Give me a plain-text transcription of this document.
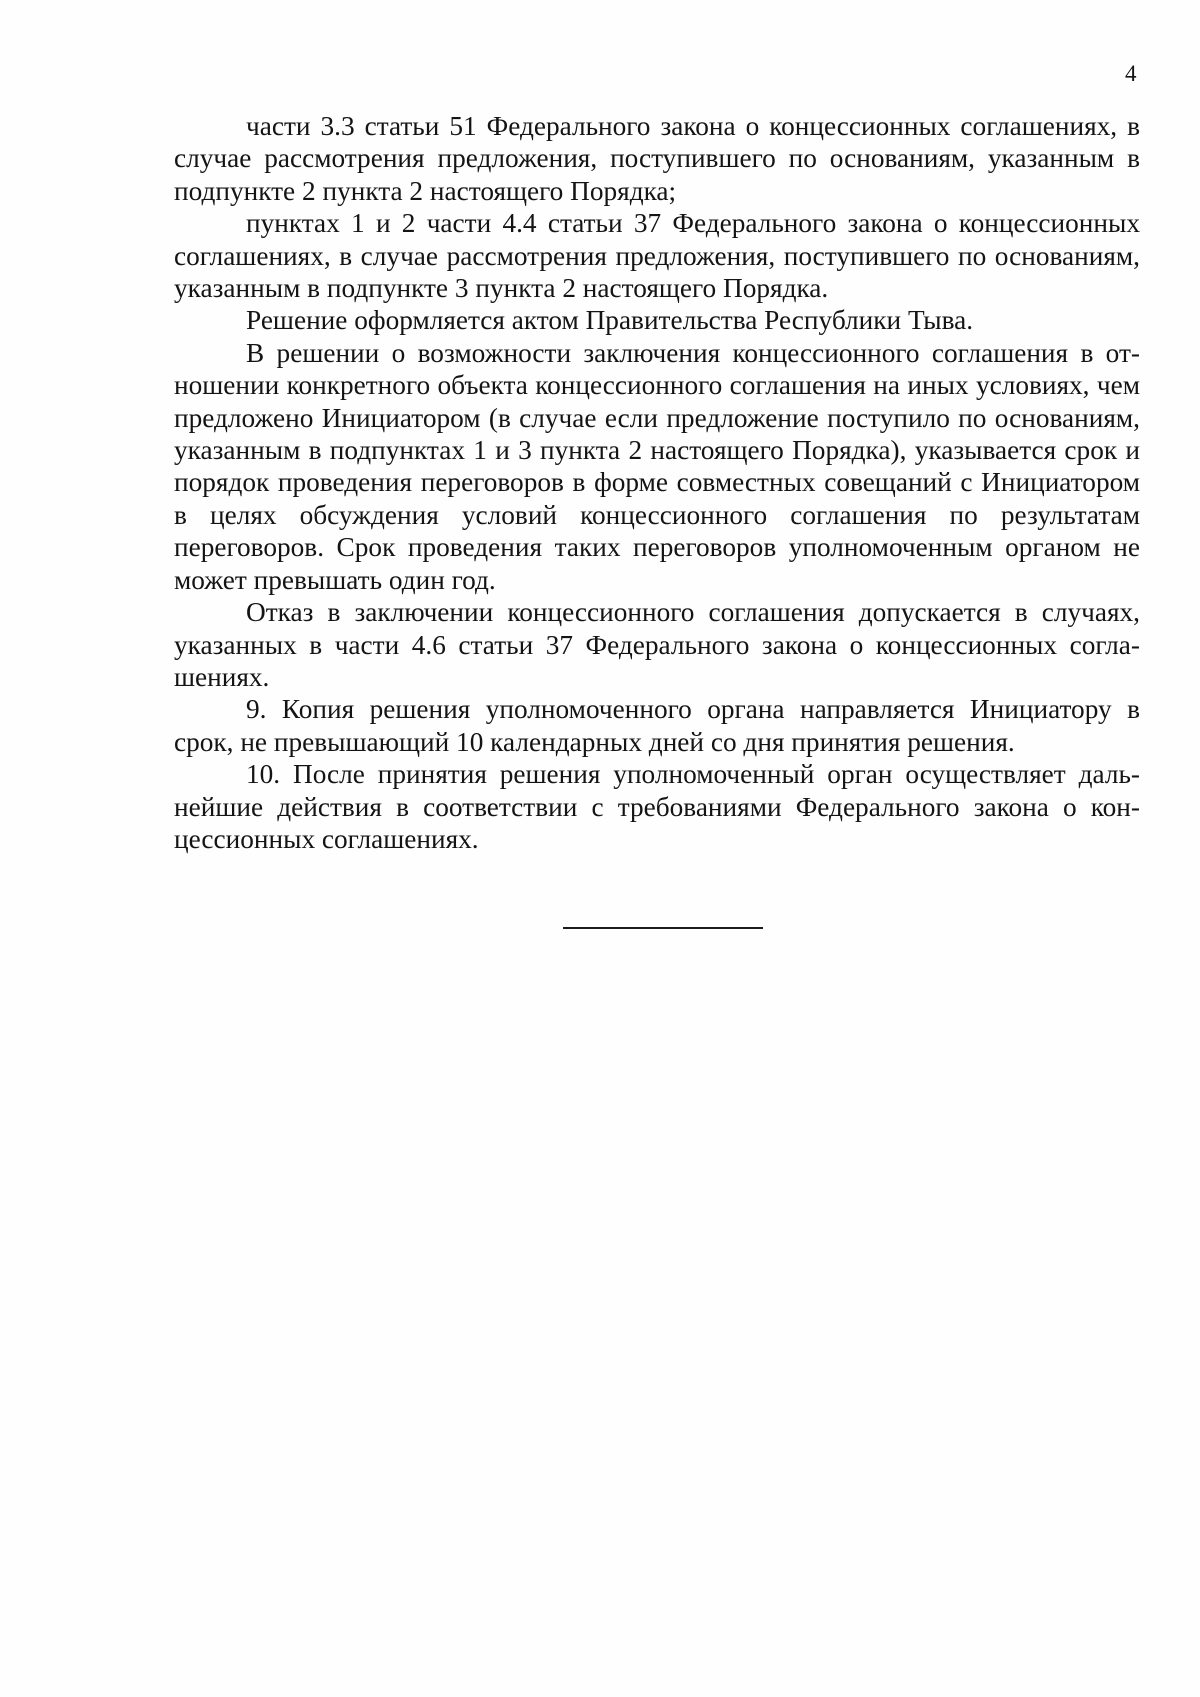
4

части 3.3 статьи 51 Федерального закона о концессионных соглашениях, в случае рассмотрения предложения, поступившего по основаниям, указанным в подпункте 2 пункта 2 настоящего Порядка;

пунктах 1 и 2 части 4.4 статьи 37 Федерального закона о концессионных соглашениях, в случае рассмотрения предложения, поступившего по основаниям, указанным в подпункте 3 пункта 2 настоящего Порядка.

Решение оформляется актом Правительства Республики Тыва.

В решении о возможности заключения концессионного соглашения в отношении конкретного объекта концессионного соглашения на иных условиях, чем предложено Инициатором (в случае если предложение поступило по основаниям, указанным в подпунктах 1 и 3 пункта 2 настоящего Порядка), указывается срок и порядок проведения переговоров в форме совместных совещаний с Инициатором в целях обсуждения условий концессионного соглашения по результатам переговоров. Срок проведения таких переговоров уполномоченным органом не может превышать один год.

Отказ в заключении концессионного соглашения допускается в случаях, указанных в части 4.6 статьи 37 Федерального закона о концессионных соглашениях.

9. Копия решения уполномоченного органа направляется Инициатору в срок, не превышающий 10 календарных дней со дня принятия решения.

10. После принятия решения уполномоченный орган осуществляет дальнейшие действия в соответствии с требованиями Федерального закона о концессионных соглашениях.
